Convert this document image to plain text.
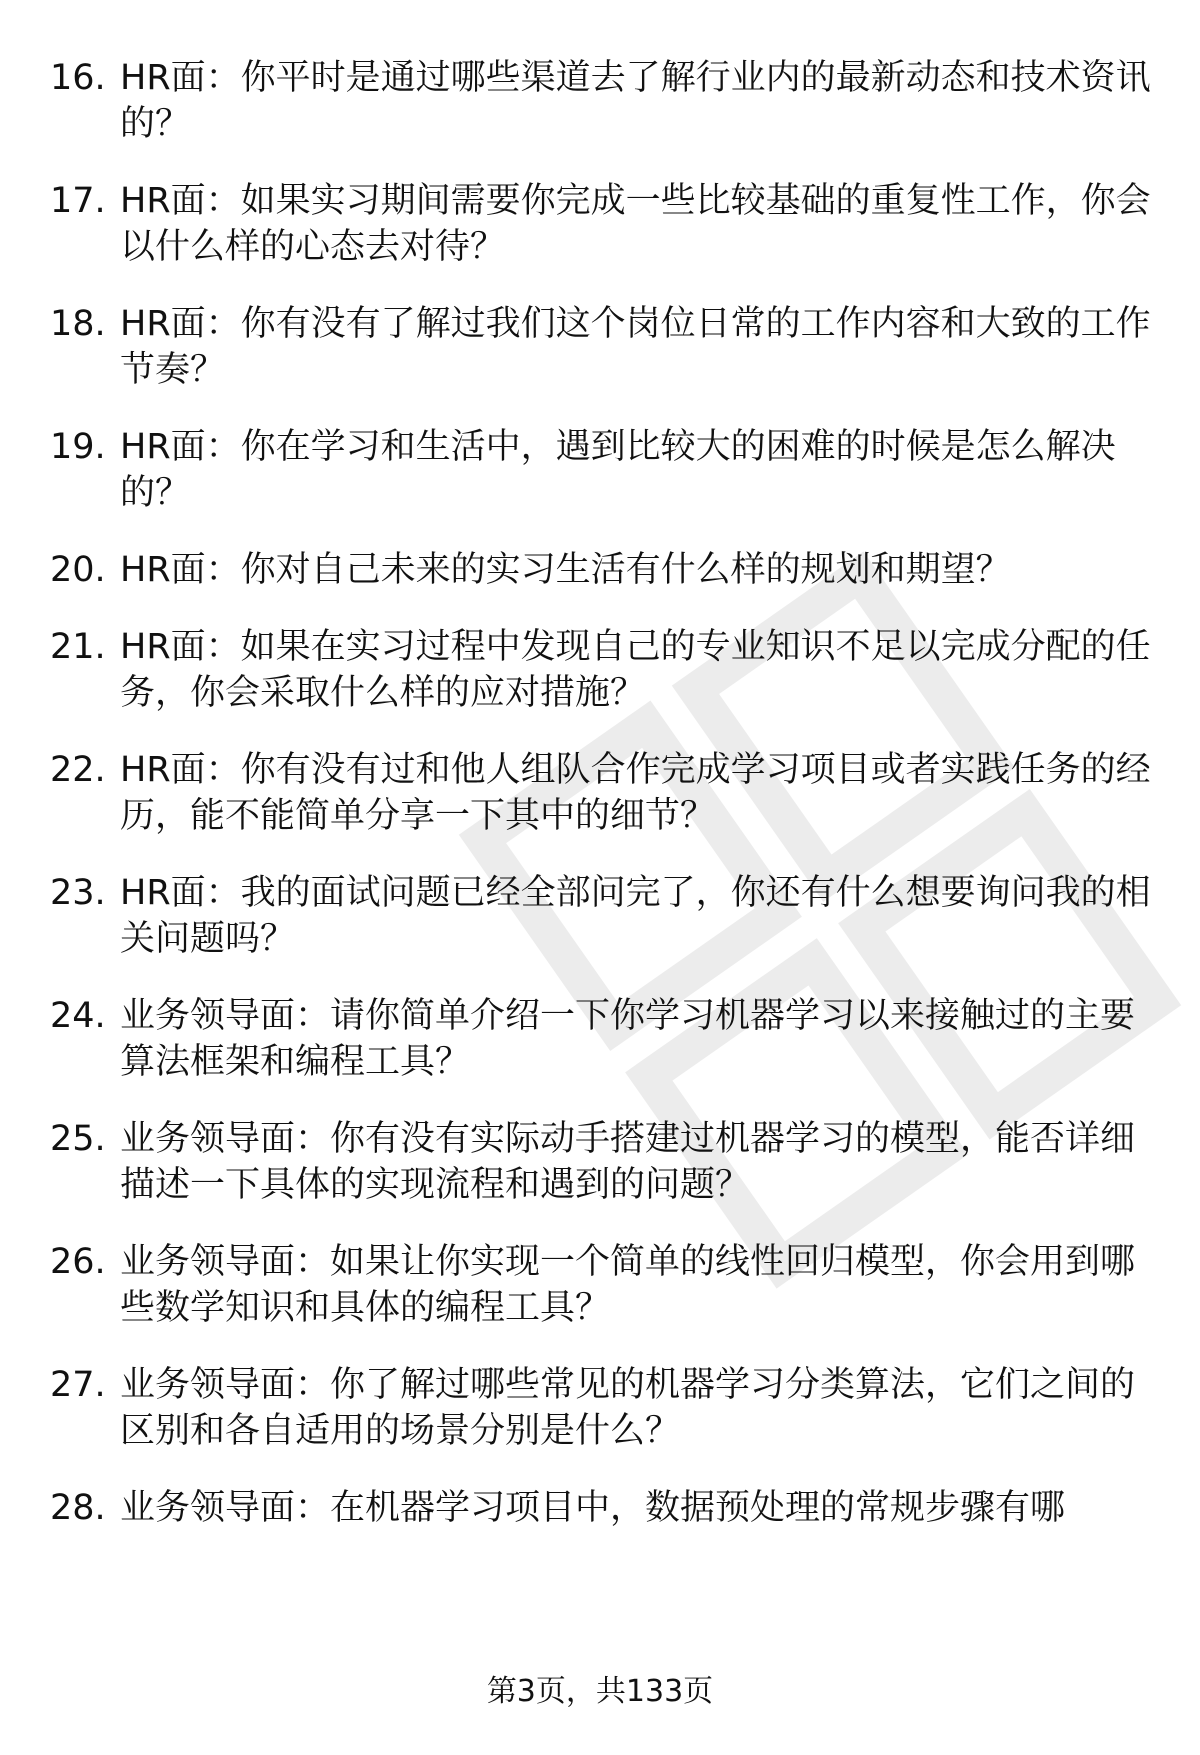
16. HR面：你平时是通过哪些渠道去了解行业内的最新动态和技术资讯的？
17. HR面：如果实习期间需要你完成一些比较基础的重复性工作，你会以什么样的心态去对待？
18. HR面：你有没有了解过我们这个岗位日常的工作内容和大致的工作节奏？
19. HR面：你在学习和生活中，遇到比较大的困难的时候是怎么解决的？
20. HR面：你对自己未来的实习生活有什么样的规划和期望？
21. HR面：如果在实习过程中发现自己的专业知识不足以完成分配的任务，你会采取什么样的应对措施？
22. HR面：你有没有过和他人组队合作完成学习项目或者实践任务的经历，能不能简单分享一下其中的细节？
23. HR面：我的面试问题已经全部问完了，你还有什么想要询问我的相关问题吗？
24. 业务领导面：请你简单介绍一下你学习机器学习以来接触过的主要算法框架和编程工具？
25. 业务领导面：你有没有实际动手搭建过机器学习的模型，能否详细描述一下具体的实现流程和遇到的问题？
26. 业务领导面：如果让你实现一个简单的线性回归模型，你会用到哪些数学知识和具体的编程工具？
27. 业务领导面：你了解过哪些常见的机器学习分类算法，它们之间的区别和各自适用的场景分别是什么？
28. 业务领导面：在机器学习项目中，数据预处理的常规步骤有哪
第3页，共133页
